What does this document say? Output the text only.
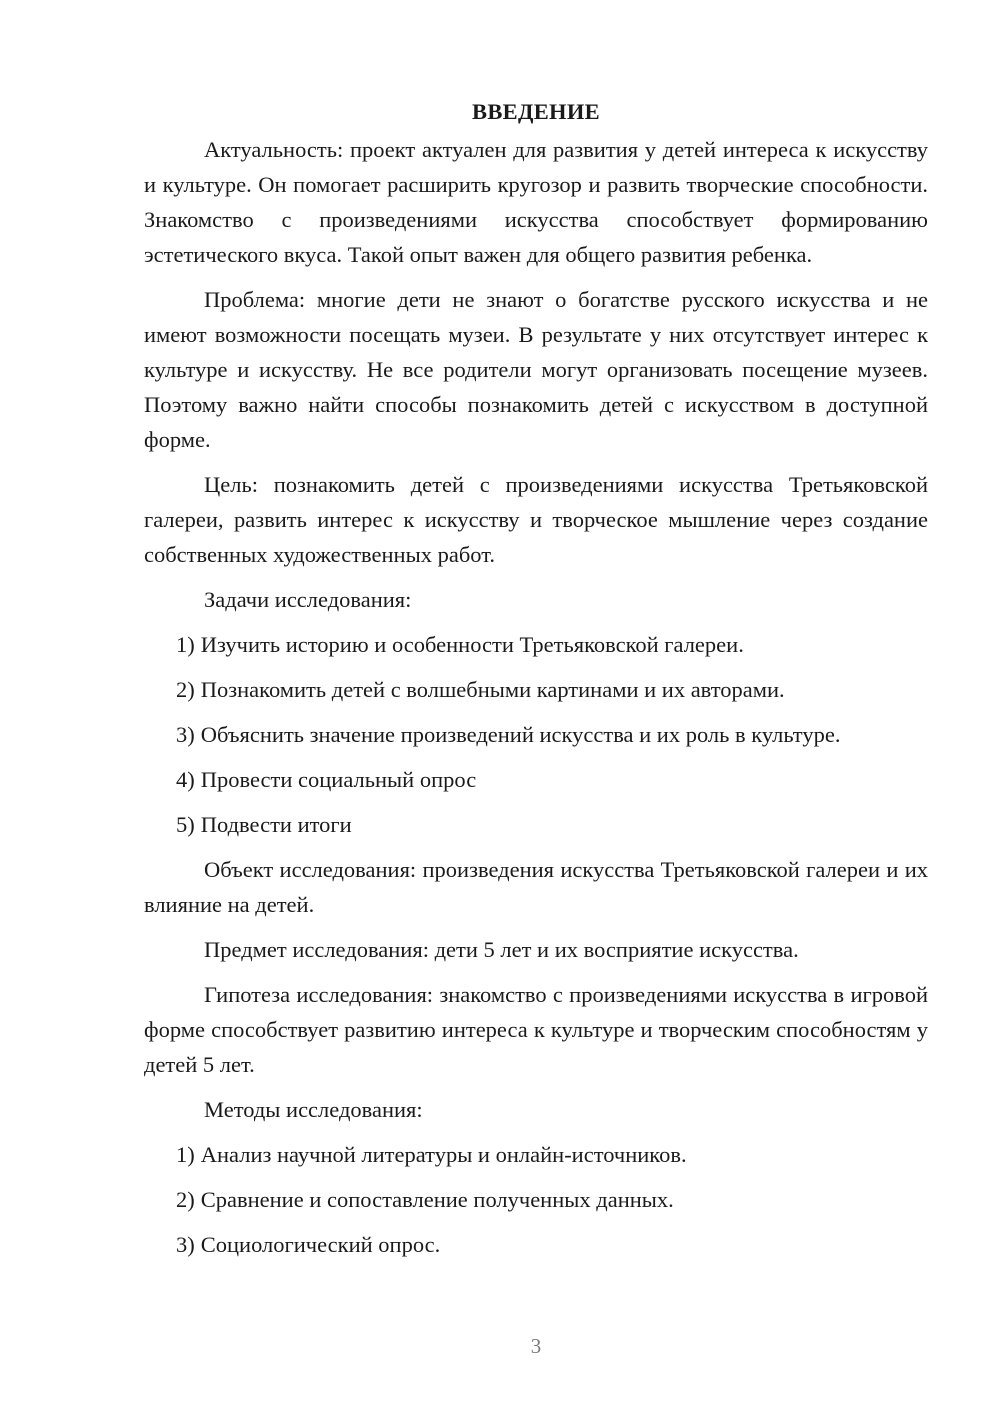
ВВЕДЕНИЕ

Актуальность: проект актуален для развития у детей интереса к искусству и культуре. Он помогает расширить кругозор и развить творческие способности. Знакомство с произведениями искусства способствует формированию эстетического вкуса. Такой опыт важен для общего развития ребенка.

Проблема: многие дети не знают о богатстве русского искусства и не имеют возможности посещать музеи. В результате у них отсутствует интерес к культуре и искусству. Не все родители могут организовать посещение музеев. Поэтому важно найти способы познакомить детей с искусством в доступной форме.

Цель: познакомить детей с произведениями искусства Третьяковской галереи, развить интерес к искусству и творческое мышление через создание собственных художественных работ.

Задачи исследования:

1) Изучить историю и особенности Третьяковской галереи.
2) Познакомить детей с волшебными картинами и их авторами.
3) Объяснить значение произведений искусства и их роль в культуре.
4) Провести социальный опрос
5) Подвести итоги

Объект исследования: произведения искусства Третьяковской галереи и их влияние на детей.

Предмет исследования: дети 5 лет и их восприятие искусства.

Гипотеза исследования: знакомство с произведениями искусства в игровой форме способствует развитию интереса к культуре и творческим способностям у детей 5 лет.

Методы исследования:

1) Анализ научной литературы и онлайн-источников.
2) Сравнение и сопоставление полученных данных.
3) Социологический опрос.
3
